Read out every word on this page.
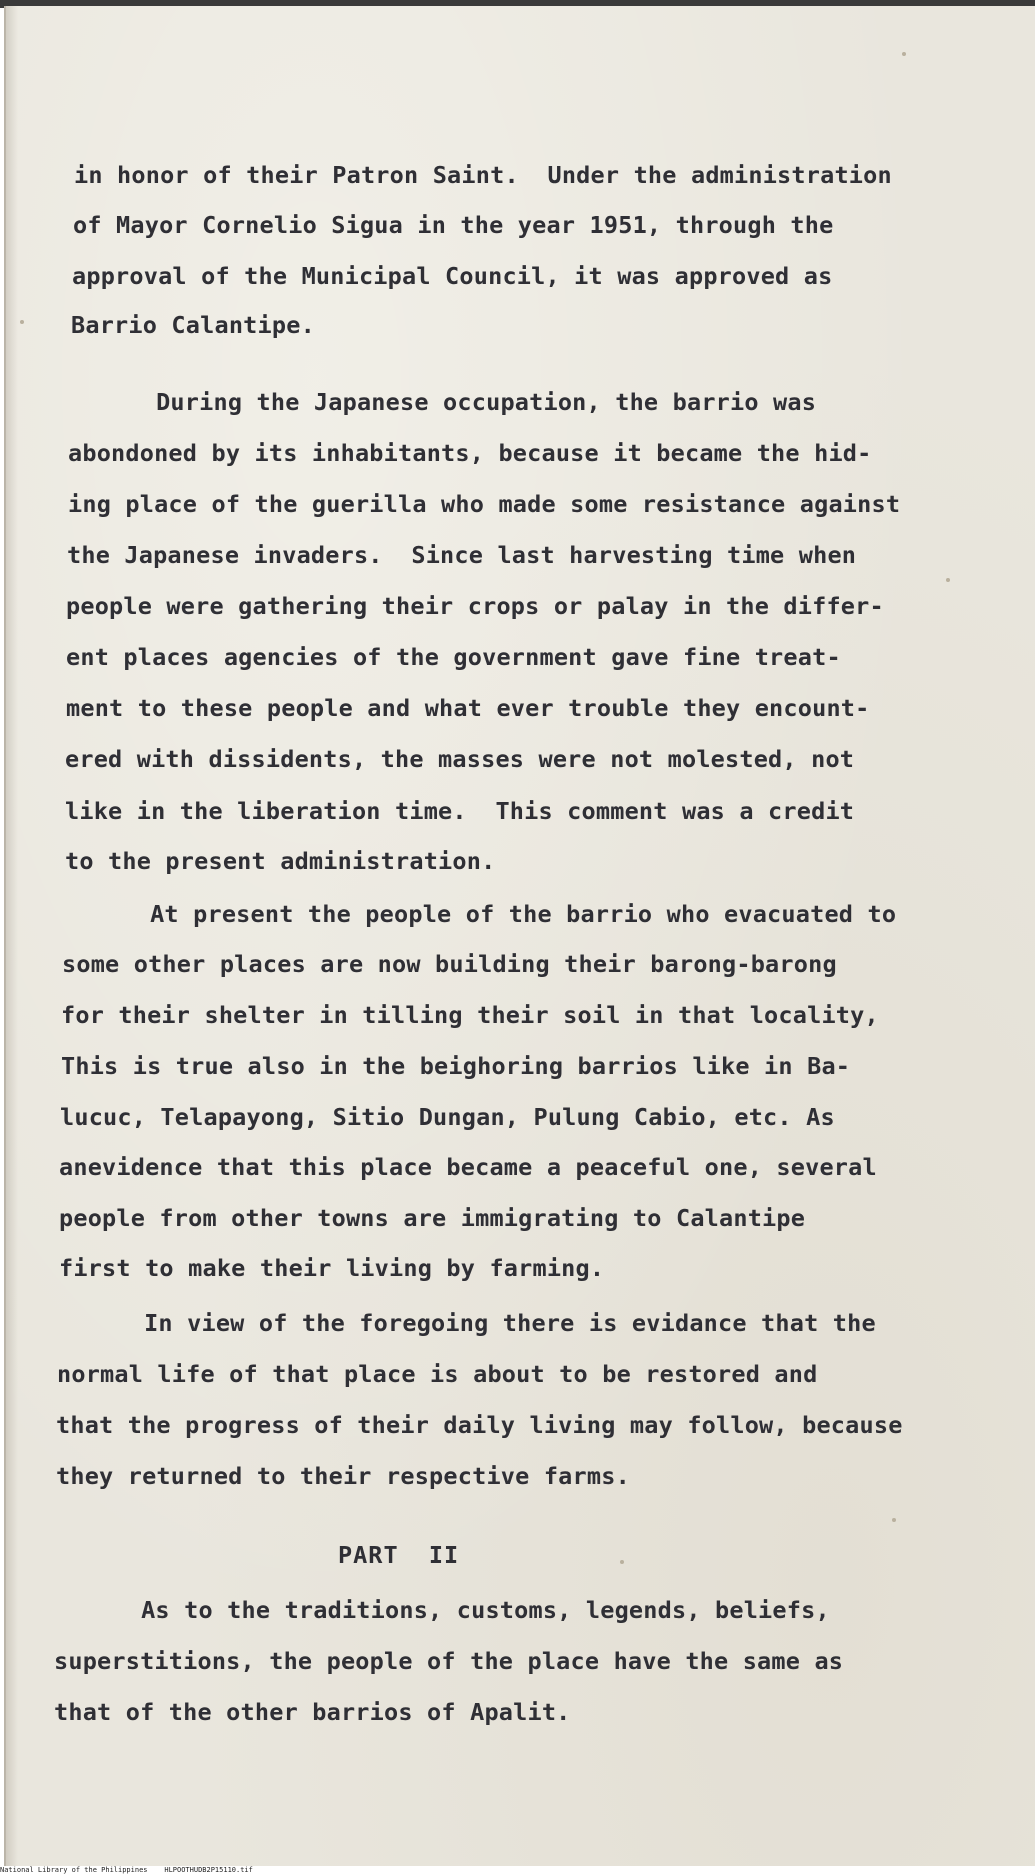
in honor of their Patron Saint.  Under the administration
of Mayor Cornelio Sigua in the year 1951, through the
approval of the Municipal Council, it was approved as
Barrio Calantipe.
During the Japanese occupation, the barrio was
abondoned by its inhabitants, because it became the hid-
ing place of the guerilla who made some resistance against
the Japanese invaders.  Since last harvesting time when
people were gathering their crops or palay in the differ-
ent places agencies of the government gave fine treat-
ment to these people and what ever trouble they encount-
ered with dissidents, the masses were not molested, not
like in the liberation time.  This comment was a credit
to the present administration.
At present the people of the barrio who evacuated to
some other places are now building their barong-barong
for their shelter in tilling their soil in that locality,
This is true also in the beighoring barrios like in Ba-
lucuc, Telapayong, Sitio Dungan, Pulung Cabio, etc. As
anevidence that this place became a peaceful one, several
people from other towns are immigrating to Calantipe
first to make their living by farming.
In view of the foregoing there is evidance that the
normal life of that place is about to be restored and
that the progress of their daily living may follow, because
they returned to their respective farms.
PART  II
As to the traditions, customs, legends, beliefs,
superstitions, the people of the place have the same as
that of the other barrios of Apalit.
National Library of the Philippines    HLPOOTHUDB2P15110.tif
